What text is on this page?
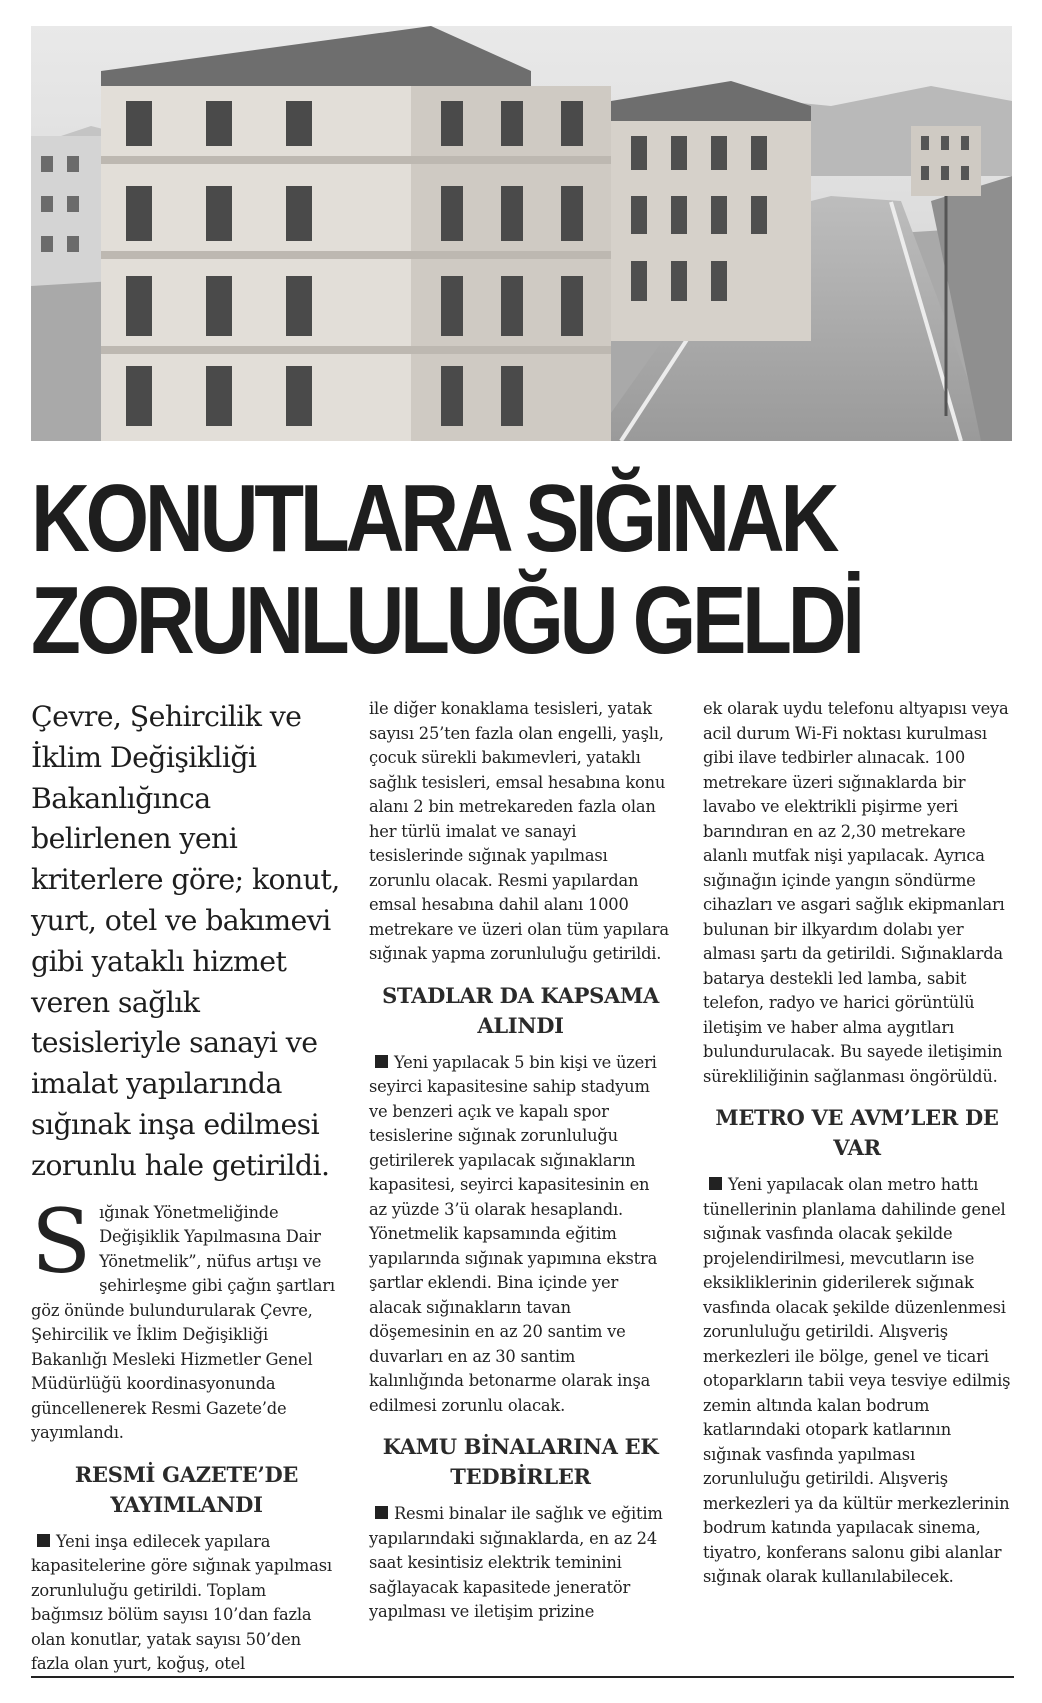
KONUTLARA SIĞINAK
ZORUNLULUĞU GELDİ

Çevre, Şehircilik ve İklim Değişikliği Bakanlığınca belirlenen yeni kriterlere göre; konut, yurt, otel ve bakımevi gibi yataklı hizmet veren sağlık tesisleriyle sanayi ve imalat yapılarında sığınak inşa edilmesi zorunlu hale getirildi.

Sığınak Yönetmeliğinde Değişiklik Yapılmasına Dair Yönetmelik”, nüfus artışı ve şehirleşme gibi çağın şartları göz önünde bulundurularak Çevre, Şehircilik ve İklim Değişikliği Bakanlığı Mesleki Hizmetler Genel Müdürlüğü koordinasyonunda güncellenerek Resmi Gazete’de yayımlandı.
RESMİ GAZETE’DE YAYIMLANDI

Yeni inşa edilecek yapılara kapasitelerine göre sığınak yapılması zorunluluğu getirildi. Toplam bağımsız bölüm sayısı 10’dan fazla olan konutlar, yatak sayısı 50’den fazla olan yurt, koğuş, otel

ile diğer konaklama tesisleri, yatak sayısı 25’ten fazla olan engelli, yaşlı, çocuk sürekli bakımevleri, yataklı sağlık tesisleri, emsal hesabına konu alanı 2 bin metrekareden fazla olan her türlü imalat ve sanayi tesislerinde sığınak yapılması zorunlu olacak. Resmi yapılardan emsal hesabına dahil alanı 1000 metrekare ve üzeri olan tüm yapılara sığınak yapma zorunluluğu getirildi.

STADLAR DA KAPSAMA ALINDI

Yeni yapılacak 5 bin kişi ve üzeri seyirci kapasitesine sahip stadyum ve benzeri açık ve kapalı spor tesislerine sığınak zorunluluğu getirilerek yapılacak sığınakların kapasitesi, seyirci kapasitesinin en az yüzde 3’ü olarak hesaplandı. Yönetmelik kapsamında eğitim yapılarında sığınak yapımına ekstra şartlar eklendi. Bina içinde yer alacak sığınakların tavan döşemesinin en az 20 santim ve duvarları en az 30 santim kalınlığında betonarme olarak inşa edilmesi zorunlu olacak.

KAMU BİNALARINA EK TEDBİRLER

Resmi binalar ile sağlık ve eğitim yapılarındaki sığınaklarda, en az 24 saat kesintisiz elektrik teminini sağlayacak kapasitede jeneratör yapılması ve iletişim prizine

ek olarak uydu telefonu altyapısı veya acil durum Wi-Fi noktası kurulması gibi ilave tedbirler alınacak. 100 metrekare üzeri sığınaklarda bir lavabo ve elektrikli pişirme yeri barındıran en az 2,30 metrekare alanlı mutfak nişi yapılacak. Ayrıca sığınağın içinde yangın söndürme cihazları ve asgari sağlık ekipmanları bulunan bir ilkyardım dolabı yer alması şartı da getirildi. Sığınaklarda batarya destekli led lamba, sabit telefon, radyo ve harici görüntülü iletişim ve haber alma aygıtları bulundurulacak. Bu sayede iletişimin sürekliliğinin sağlanması öngörüldü.

METRO VE AVM’LER DE VAR

Yeni yapılacak olan metro hattı tünellerinin planlama dahilinde genel sığınak vasfında olacak şekilde projelendirilmesi, mevcutların ise eksikliklerinin giderilerek sığınak vasfında olacak şekilde düzenlenmesi zorunluluğu getirildi. Alışveriş merkezleri ile bölge, genel ve ticari otoparkların tabii veya tesviye edilmiş zemin altında kalan bodrum katlarındaki otopark katlarının sığınak vasfında yapılması zorunluluğu getirildi. Alışveriş merkezleri ya da kültür merkezlerinin bodrum katında yapılacak sinema, tiyatro, konferans salonu gibi alanlar sığınak olarak kullanılabilecek.
